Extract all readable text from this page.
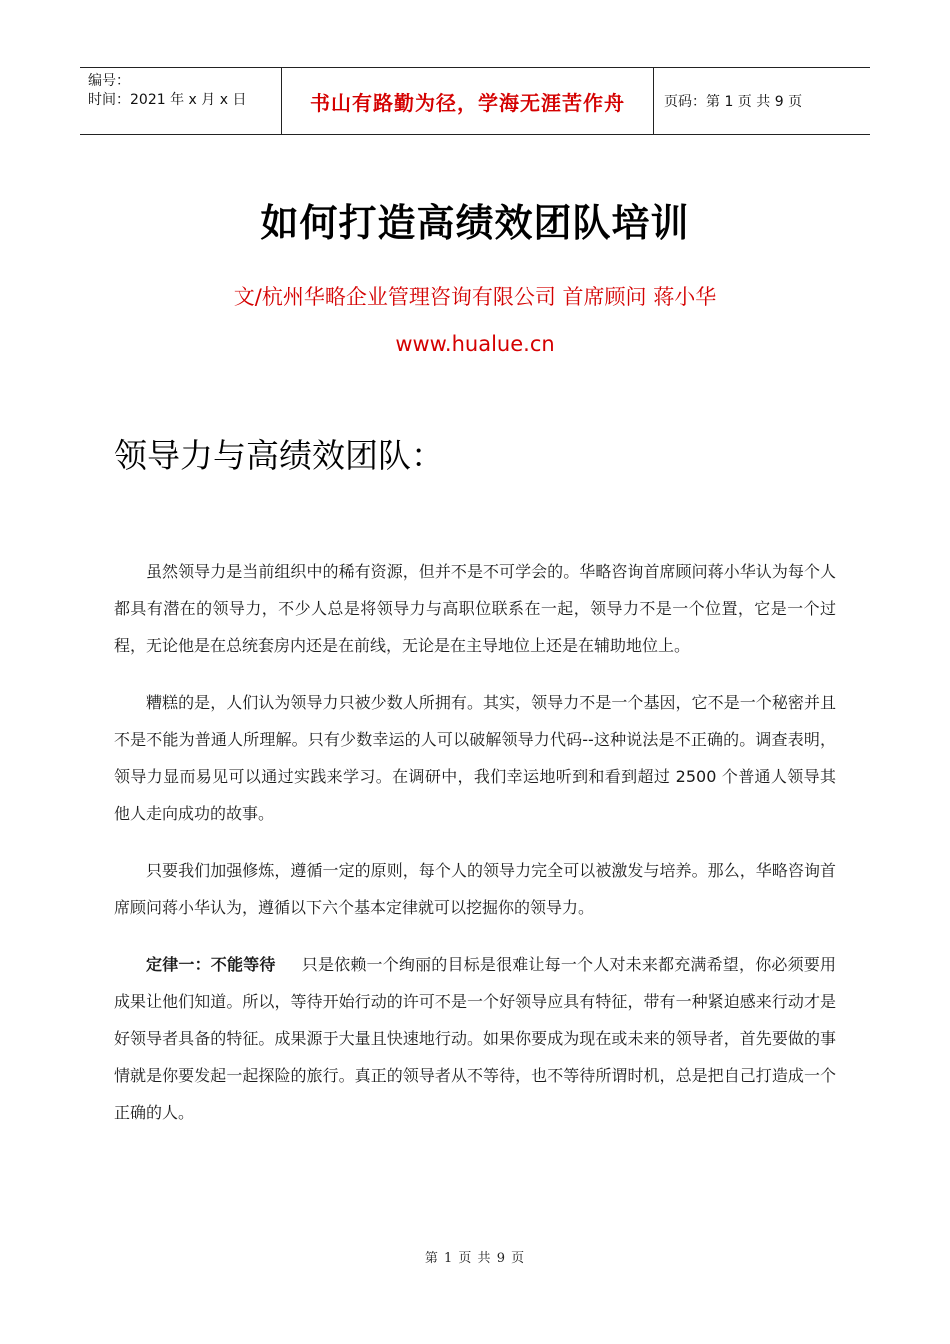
编号：
时间：2021 年 x 月 x 日	书山有路勤为径，学海无涯苦作舟	页码：第 1 页 共 9 页
如何打造高绩效团队培训
文/杭州华略企业管理咨询有限公司 首席顾问 蒋小华
www.hualue.cn
领导力与高绩效团队：

虽然领导力是当前组织中的稀有资源，但并不是不可学会的。华略咨询首席顾问蒋小华认为每个人都具有潜在的领导力，不少人总是将领导力与高职位联系在一起，领导力不是一个位置，它是一个过程，无论他是在总统套房内还是在前线，无论是在主导地位上还是在辅助地位上。

糟糕的是，人们认为领导力只被少数人所拥有。其实，领导力不是一个基因，它不是一个秘密并且不是不能为普通人所理解。只有少数幸运的人可以破解领导力代码--这种说法是不正确的。调查表明，领导力显而易见可以通过实践来学习。在调研中，我们幸运地听到和看到超过 2500 个普通人领导其他人走向成功的故事。

只要我们加强修炼，遵循一定的原则，每个人的领导力完全可以被激发与培养。那么，华略咨询首席顾问蒋小华认为，遵循以下六个基本定律就可以挖掘你的领导力。

定律一：不能等待 只是依赖一个绚丽的目标是很难让每一个人对未来都充满希望，你必须要用成果让他们知道。所以，等待开始行动的许可不是一个好领导应具有特征，带有一种紧迫感来行动才是好领导者具备的特征。成果源于大量且快速地行动。如果你要成为现在或未来的领导者，首先要做的事情就是你要发起一起探险的旅行。真正的领导者从不等待，也不等待所谓时机，总是把自己打造成一个正确的人。

第 1 页 共 9 页
